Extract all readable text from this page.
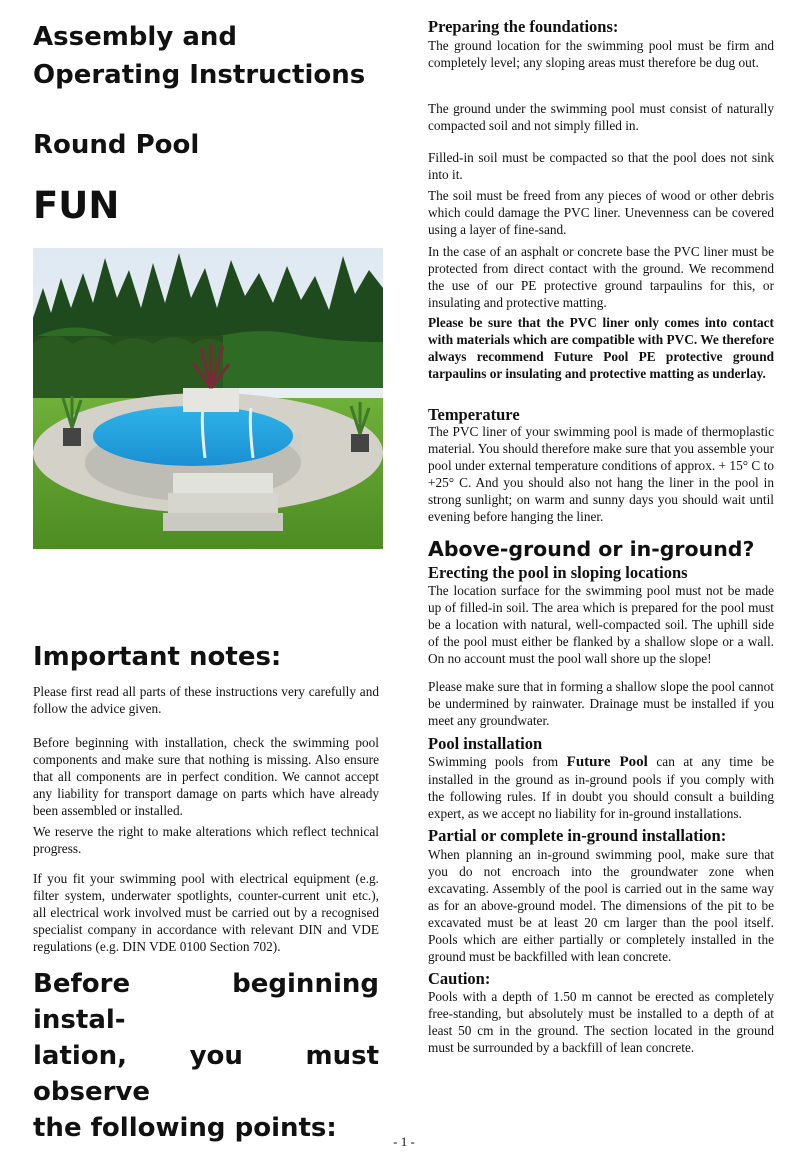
Assembly and
Operating Instructions
Round Pool
FUN
Important notes:

Please first read all parts of these instructions very carefully and follow the advice given.

Before beginning with installation, check the swimming pool components and make sure that nothing is missing. Also ensure that all components are in perfect condition. We cannot accept any liability for transport damage on parts which have already been assembled or installed.

We reserve the right to make alterations which reflect technical progress.

If you fit your swimming pool with electrical equipment (e.g. filter system, underwater spotlights, counter-current unit etc.), all electrical work involved must be carried out by a recognised specialist company in accordance with relevant DIN and VDE regulations (e.g. DIN VDE 0100 Section 702).

Before beginning instal-
lation, you must observe
the following points:
Preparing the foundations:

The ground location for the swimming pool must be firm and completely level; any sloping areas must therefore be dug out.

The ground under the swimming pool must consist of naturally compacted soil and not simply filled in.

Filled-in soil must be compacted so that the pool does not sink into it.

The soil must be freed from any pieces of wood or other debris which could damage the PVC liner. Unevenness can be covered using a layer of fine-sand.

In the case of an asphalt or concrete base the PVC liner must be protected from direct contact with the ground. We recommend the use of our PE protective ground tarpaulins for this, or insulating and protective matting.

Please be sure that the PVC liner only comes into contact with materials which are compatible with PVC. We therefore always recommend Future Pool PE protective ground tarpaulins or insulating and protective matting as underlay.

Temperature

The PVC liner of your swimming pool is made of thermoplastic material. You should therefore make sure that you assemble your pool under external temperature conditions of approx. + 15° C to +25° C. And you should also not hang the liner in the pool in strong sunlight; on warm and sunny days you should wait until evening before hanging the liner.

Above-ground or in-ground?
Erecting the pool in sloping locations

The location surface for the swimming pool must not be made up of filled-in soil. The area which is prepared for the pool must be a location with natural, well-compacted soil. The uphill side of the pool must either be flanked by a shallow slope or a wall. On no account must the pool wall shore up the slope!

Please make sure that in forming a shallow slope the pool cannot be undermined by rainwater. Drainage must be installed if you meet any groundwater.

Pool installation

Swimming pools from Future Pool can at any time be installed in the ground as in-ground pools if you comply with the following rules. If in doubt you should consult a building expert, as we accept no liability for in-ground installations.

Partial or complete in-ground installation:

When planning an in-ground swimming pool, make sure that you do not encroach into the groundwater zone when excavating. Assembly of the pool is carried out in the same way as for an above-ground model. The dimensions of the pit to be excavated must be at least 20 cm larger than the pool itself. Pools which are either partially or completely installed in the ground must be backfilled with lean concrete.

Caution:

Pools with a depth of 1.50 m cannot be erected as completely free-standing, but absolutely must be installed to a depth of at least 50 cm in the ground. The section located in the ground must be surrounded by a backfill of lean concrete.

- 1 -
